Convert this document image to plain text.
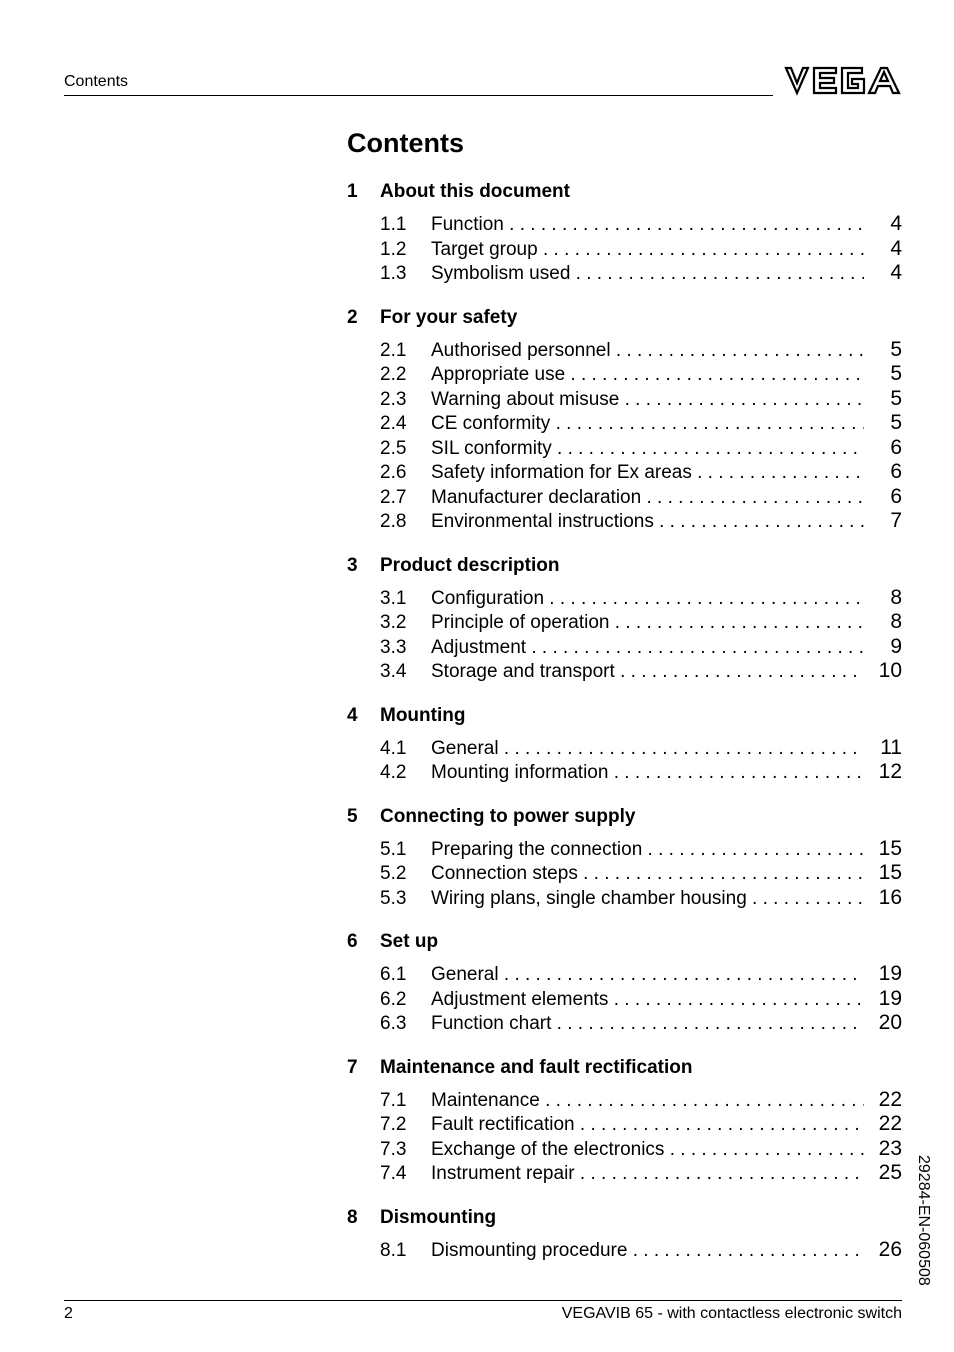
Contents
Contents
1	About this document
1.1	Function . . .	4
1.2	Target group . . .	4
1.3	Symbolism used . . .	4
2	For your safety
2.1	Authorised personnel . . .	5
2.2	Appropriate use . . .	5
2.3	Warning about misuse . . .	5
2.4	CE conformity . . .	5
2.5	SIL conformity . . .	6
2.6	Safety information for Ex areas . . .	6
2.7	Manufacturer declaration . . .	6
2.8	Environmental instructions . . .	7
3	Product description
3.1	Configuration . . .	8
3.2	Principle of operation . . .	8
3.3	Adjustment . . .	9
3.4	Storage and transport . . .	10
4	Mounting
4.1	General . . .	11
4.2	Mounting information . . .	12
5	Connecting to power supply
5.1	Preparing the connection . . .	15
5.2	Connection steps . . .	15
5.3	Wiring plans, single chamber housing . . .	16
6	Set up
6.1	General . . .	19
6.2	Adjustment elements . . .	19
6.3	Function chart . . .	20
7	Maintenance and fault rectification
7.1	Maintenance . . .	22
7.2	Fault rectification . . .	22
7.3	Exchange of the electronics . . .	23
7.4	Instrument repair . . .	25
8	Dismounting
8.1	Dismounting procedure . . .	26 29284-EN-060508
2	VEGAVIB 65 - with contactless electronic switch
